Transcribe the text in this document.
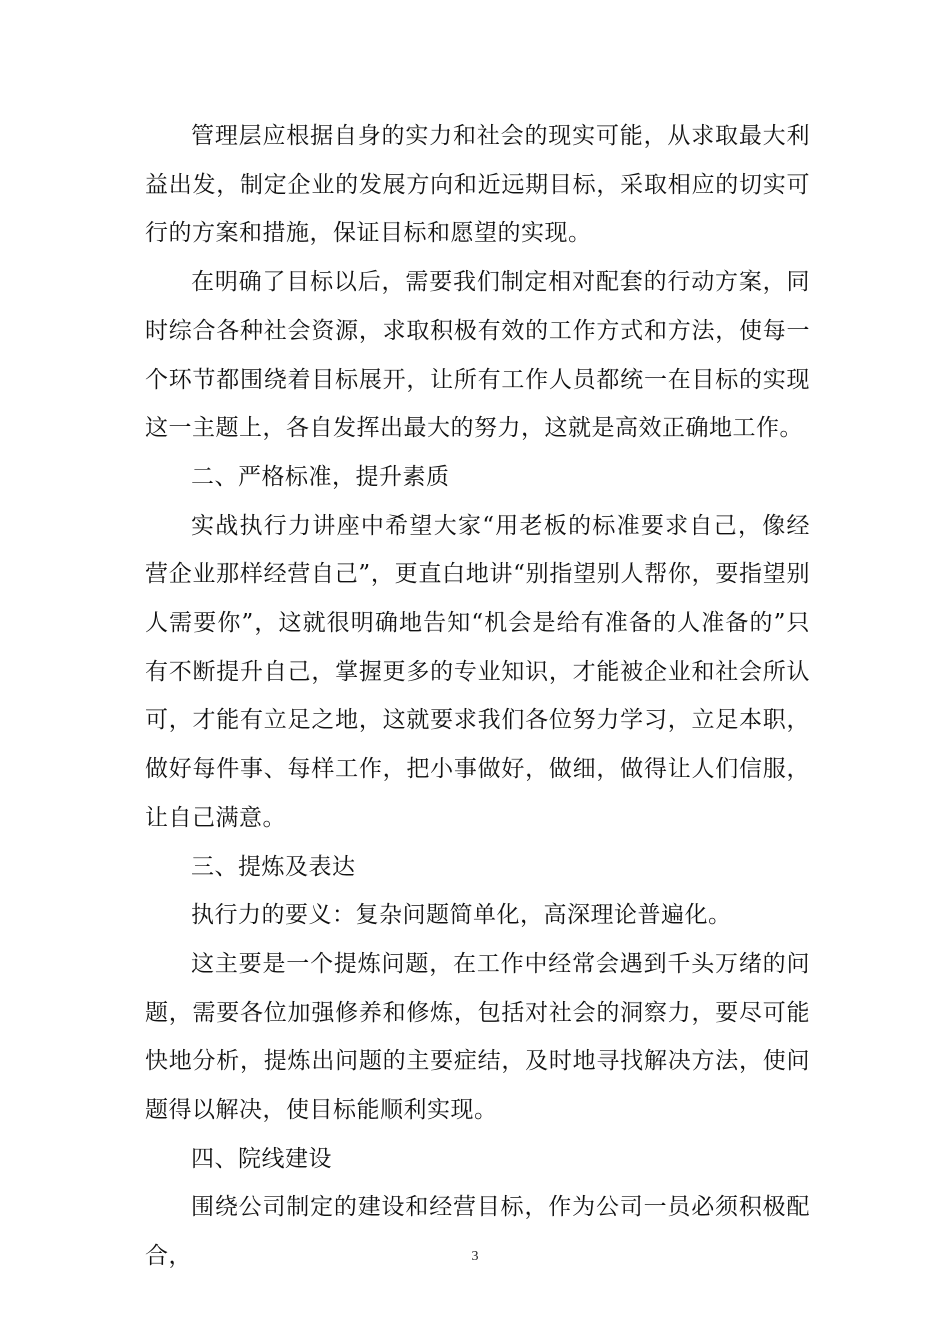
管理层应根据自身的实力和社会的现实可能，从求取最大利益出发，制定企业的发展方向和近远期目标，采取相应的切实可行的方案和措施，保证目标和愿望的实现。

在明确了目标以后，需要我们制定相对配套的行动方案，同时综合各种社会资源，求取积极有效的工作方式和方法，使每一个环节都围绕着目标展开，让所有工作人员都统一在目标的实现这一主题上，各自发挥出最大的努力，这就是高效正确地工作。

二、严格标准，提升素质

实战执行力讲座中希望大家“用老板的标准要求自己，像经营企业那样经营自己”，更直白地讲“别指望别人帮你，要指望别人需要你”，这就很明确地告知“机会是给有准备的人准备的”只有不断提升自己，掌握更多的专业知识，才能被企业和社会所认可，才能有立足之地，这就要求我们各位努力学习，立足本职，做好每件事、每样工作，把小事做好，做细，做得让人们信服，让自己满意。

三、提炼及表达

执行力的要义：复杂问题简单化，高深理论普遍化。

这主要是一个提炼问题，在工作中经常会遇到千头万绪的问题，需要各位加强修养和修炼，包括对社会的洞察力，要尽可能快地分析，提炼出问题的主要症结，及时地寻找解决方法，使问题得以解决，使目标能顺利实现。

四、院线建设

围绕公司制定的建设和经营目标，作为公司一员必须积极配合，	3
